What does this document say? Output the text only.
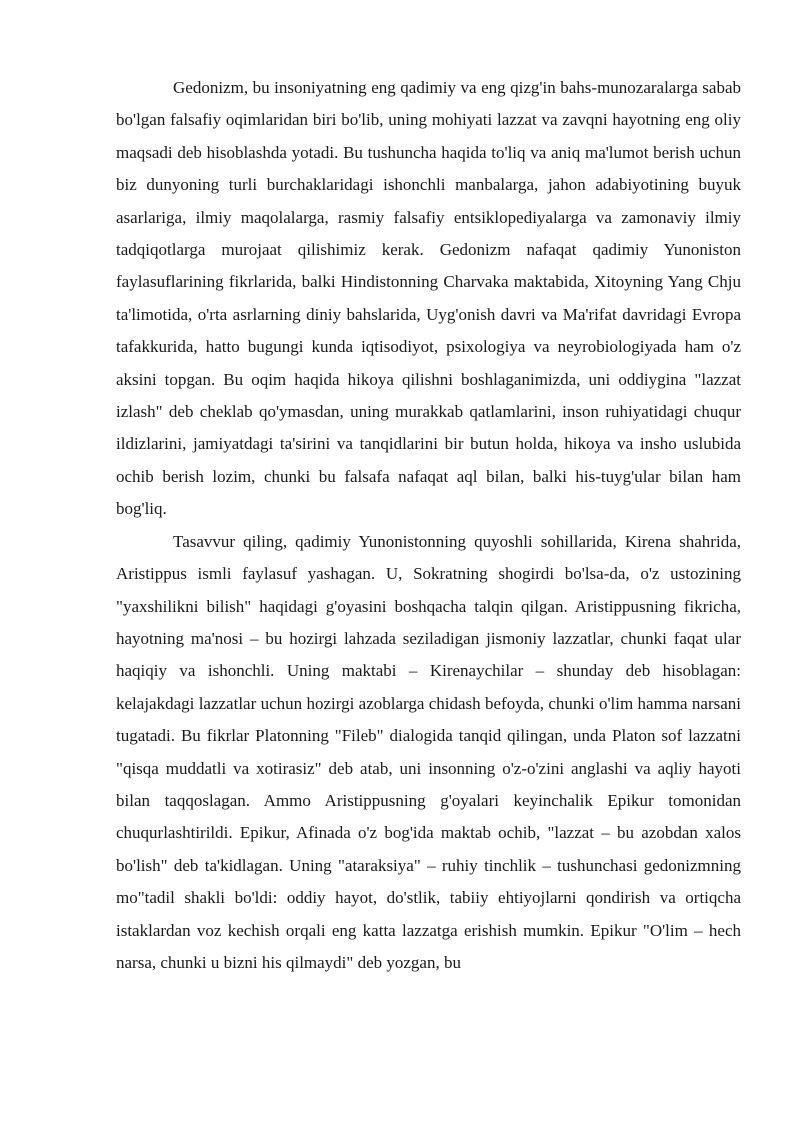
Gedonizm, bu insoniyatning eng qadimiy va eng qizg'in bahs-munozaralarga sabab bo'lgan falsafiy oqimlaridan biri bo'lib, uning mohiyati lazzat va zavqni hayotning eng oliy maqsadi deb hisoblashda yotadi. Bu tushuncha haqida to'liq va aniq ma'lumot berish uchun biz dunyoning turli burchaklaridagi ishonchli manbalarga, jahon adabiyotining buyuk asarlariga, ilmiy maqolalarga, rasmiy falsafiy entsiklopediyalarga va zamonaviy ilmiy tadqiqotlarga murojaat qilishimiz kerak. Gedonizm nafaqat qadimiy Yunoniston faylasuflarining fikrlarida, balki Hindistonning Charvaka maktabida, Xitoyning Yang Chju ta'limotida, o'rta asrlarning diniy bahslarida, Uyg'onish davri va Ma'rifat davridagi Evropa tafakkurida, hatto bugungi kunda iqtisodiyot, psixologiya va neyrobiologiyada ham o'z aksini topgan. Bu oqim haqida hikoya qilishni boshlaganimizda, uni oddiygina "lazzat izlash" deb cheklab qo'ymasdan, uning murakkab qatlamlarini, inson ruhiyatidagi chuqur ildizlarini, jamiyatdagi ta'sirini va tanqidlarini bir butun holda, hikoya va insho uslubida ochib berish lozim, chunki bu falsafa nafaqat aql bilan, balki his-tuyg'ular bilan ham bog'liq.

Tasavvur qiling, qadimiy Yunonistonning quyoshli sohillarida, Kirena shahrida, Aristippus ismli faylasuf yashagan. U, Sokratning shogirdi bo'lsa-da, o'z ustozining "yaxshilikni bilish" haqidagi g'oyasini boshqacha talqin qilgan. Aristippusning fikricha, hayotning ma'nosi – bu hozirgi lahzada seziladigan jismoniy lazzatlar, chunki faqat ular haqiqiy va ishonchli. Uning maktabi – Kirenaychilar – shunday deb hisoblagan: kelajakdagi lazzatlar uchun hozirgi azoblarga chidash befoyda, chunki o'lim hamma narsani tugatadi. Bu fikrlar Platonning "Fileb" dialogida tanqid qilingan, unda Platon sof lazzatni "qisqa muddatli va xotirasiz" deb atab, uni insonning o'z-o'zini anglashi va aqliy hayoti bilan taqqoslagan. Ammo Aristippusning g'oyalari keyinchalik Epikur tomonidan chuqurlashtirildi. Epikur, Afinada o'z bog'ida maktab ochib, "lazzat – bu azobdan xalos bo'lish" deb ta'kidlagan. Uning "ataraksiya" – ruhiy tinchlik – tushunchasi gedonizmning mo"tadil shakli bo'ldi: oddiy hayot, do'stlik, tabiiy ehtiyojlarni qondirish va ortiqcha istaklardan voz kechish orqali eng katta lazzatga erishish mumkin. Epikur "O'lim – hech narsa, chunki u bizni his qilmaydi" deb yozgan, bu
